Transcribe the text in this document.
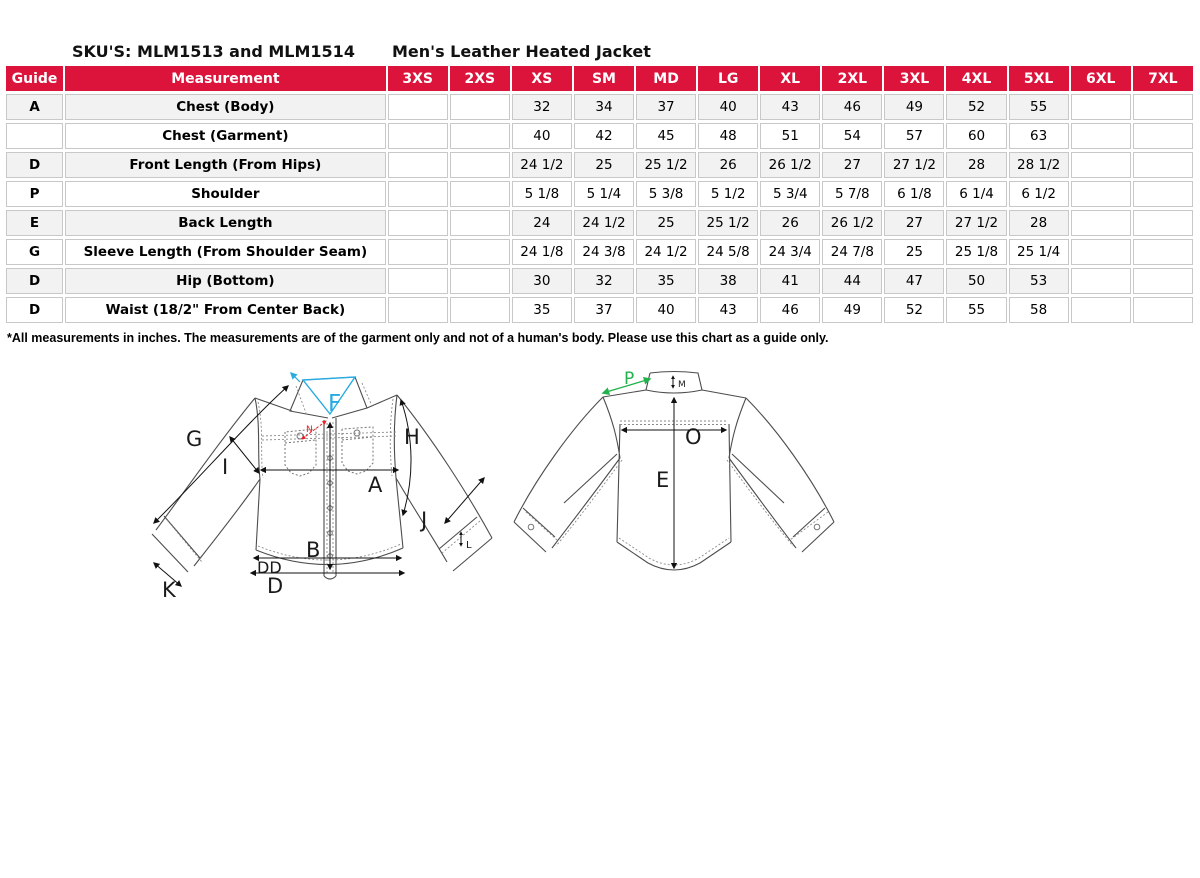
SKU'S: MLM1513 and MLM1514 Men's Leather Heated Jacket
Guide	Measurement	3XS	2XS	XS	SM	MD	LG	XL	2XL	3XL	4XL	5XL	6XL	7XL
A	Chest (Body)			32	34	37	40	43	46	49	52	55		
	Chest (Garment)			40	42	45	48	51	54	57	60	63		
D	Front Length (From Hips)			24 1/2	25	25 1/2	26	26 1/2	27	27 1/2	28	28 1/2		
P	Shoulder			5 1/8	5 1/4	5 3/8	5 1/2	5 3/4	5 7/8	6 1/8	6 1/4	6 1/2		
E	Back Length			24	24 1/2	25	25 1/2	26	26 1/2	27	27 1/2	28		
G	Sleeve Length (From Shoulder Seam)			24 1/8	24 3/8	24 1/2	24 5/8	24 3/4	24 7/8	25	25 1/8	25 1/4		
D	Hip (Bottom)			30	32	35	38	41	44	47	50	53		
D	Waist (18/2" From Center Back)			35	37	40	43	46	49	52	55	58		
*All measurements in inches. The measurements are of the garment only and not of a human's body. Please use this chart as a guide only.
G
I
F
N	H
A
J
B
K
L
DD
D
P	M
O
E
